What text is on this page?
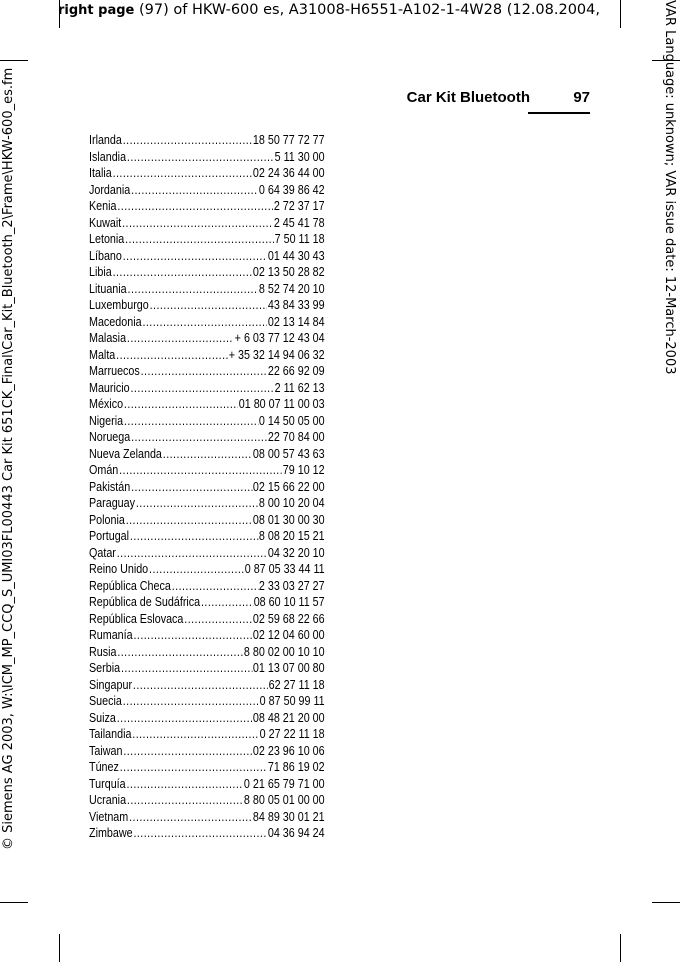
right page (97) of HKW-600 es, A31008-H6551-A102-1-4W28 (12.08.2004,
© Siemens AG 2003, W:\ICM_MP_CCQ_S_UMI03FL00443 Car Kit 651CK_Final\Car_Kit_Bluetooth_2\Frame\HKW-600_es.fm	VAR Language: unknown; VAR issue date: 12-March-2003
Car Kit Bluetooth	97
Irlanda .....	18 50 77 72 77
Islandia .....	5 11 30 00
Italia .....	02 24 36 44 00
Jordania .....	0 64 39 86 42
Kenia .....	2 72 37 17
Kuwait .....	2 45 41 78
Letonia .....	7 50 11 18
Líbano .....	01 44 30 43
Libia .....	02 13 50 28 82
Lituania .....	8 52 74 20 10
Luxemburgo .....	43 84 33 99
Macedonia .....	02 13 14 84
Malasia .....	+ 6 03 77 12 43 04
Malta .....	+ 35 32 14 94 06 32
Marruecos .....	22 66 92 09
Mauricio .....	2 11 62 13
México .....	01 80 07 11 00 03
Nigeria .....	0 14 50 05 00
Noruega .....	22 70 84 00
Nueva Zelanda .....	08 00 57 43 63
Omán .....	79 10 12
Pakistán .....	02 15 66 22 00
Paraguay .....	8 00 10 20 04
Polonia .....	08 01 30 00 30
Portugal .....	8 08 20 15 21
Qatar .....	04 32 20 10
Reino Unido .....	0 87 05 33 44 11
República Checa .....	2 33 03 27 27
República de Sudáfrica .....	08 60 10 11 57
República Eslovaca .....	02 59 68 22 66
Rumanía .....	02 12 04 60 00
Rusia .....	8 80 02 00 10 10
Serbia .....	01 13 07 00 80
Singapur .....	62 27 11 18
Suecia .....	0 87 50 99 11
Suiza .....	08 48 21 20 00
Tailandia .....	0 27 22 11 18
Taiwan .....	02 23 96 10 06
Túnez .....	71 86 19 02
Turquía .....	0 21 65 79 71 00
Ucrania .....	8 80 05 01 00 00
Vietnam .....	84 89 30 01 21
Zimbawe .....	04 36 94 24
